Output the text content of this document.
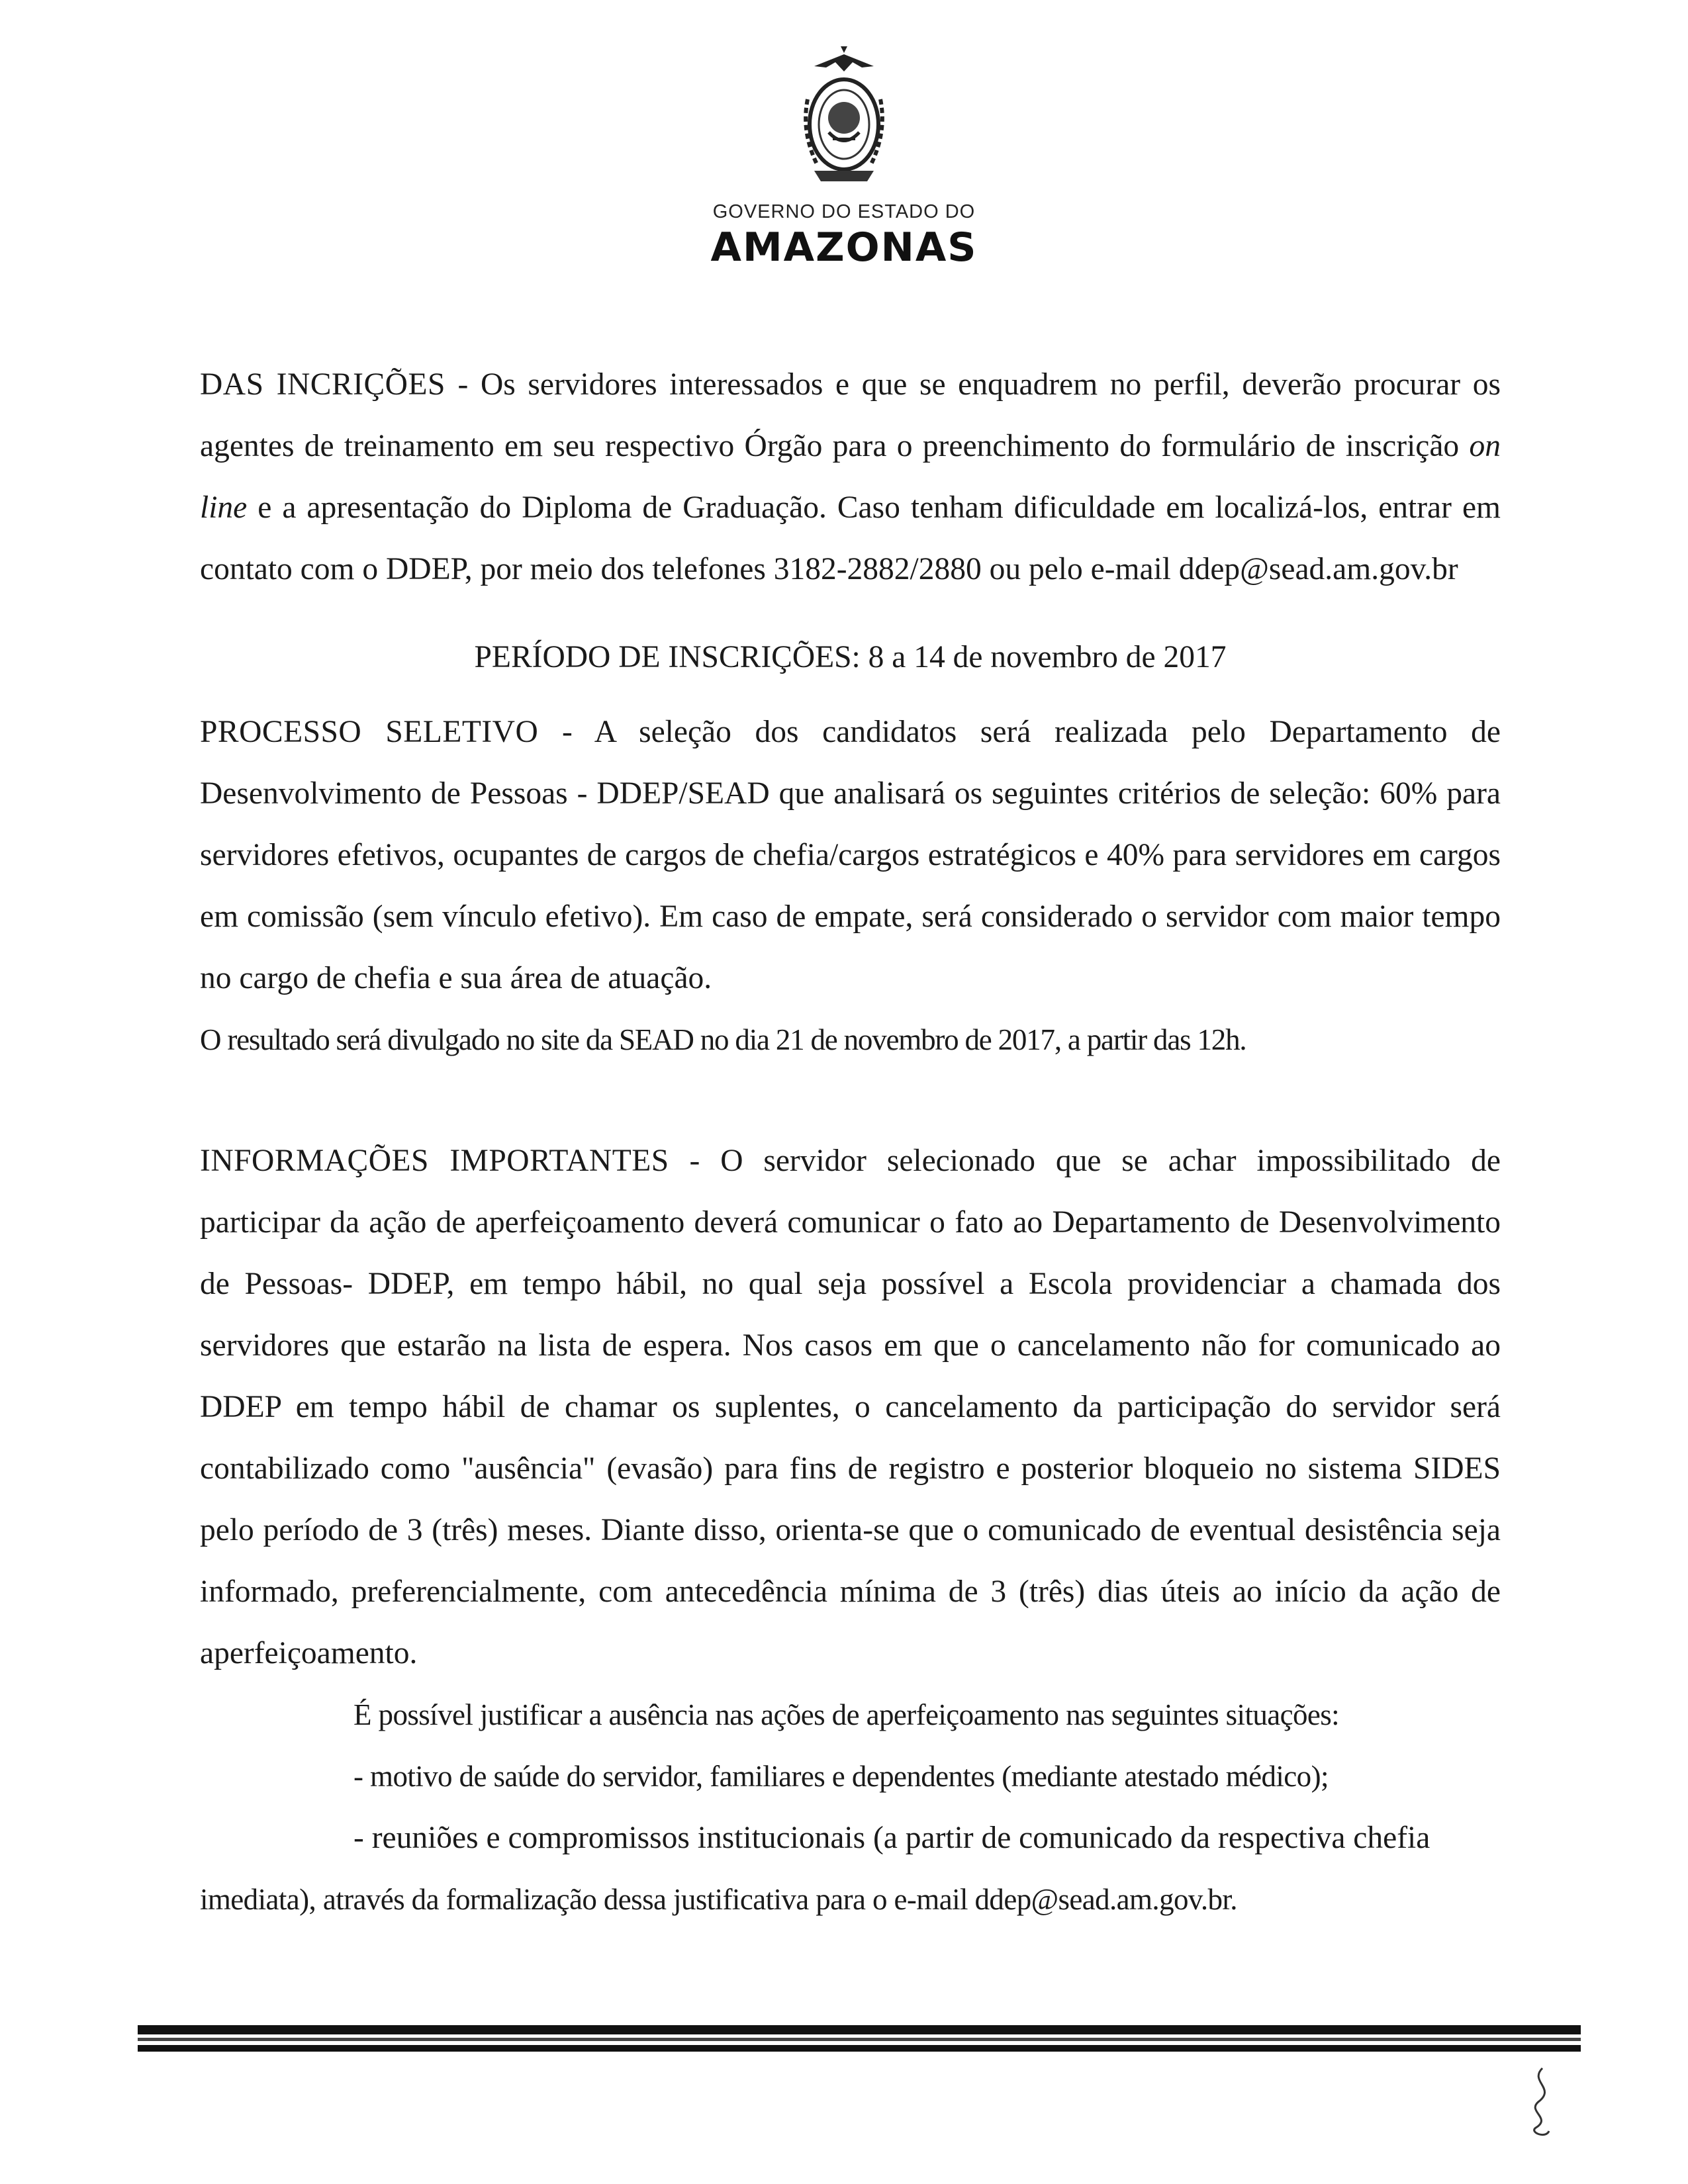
GOVERNO DO ESTADO DO
AMAZONAS

DAS INCRIÇÕES - Os servidores interessados e que se enquadrem no perfil, deverão procurar os agentes de treinamento em seu respectivo Órgão para o preenchimento do formulário de inscrição on line e a apresentação do Diploma de Graduação. Caso tenham dificuldade em localizá-los, entrar em contato com o DDEP, por meio dos telefones 3182-2882/2880 ou pelo e-mail ddep@sead.am.gov.br

PERÍODO DE INSCRIÇÕES: 8 a 14 de novembro de 2017

PROCESSO SELETIVO - A seleção dos candidatos será realizada pelo Departamento de Desenvolvimento de Pessoas - DDEP/SEAD que analisará os seguintes critérios de seleção: 60% para servidores efetivos, ocupantes de cargos de chefia/cargos estratégicos e 40% para servidores em cargos em comissão (sem vínculo efetivo). Em caso de empate, será considerado o servidor com maior tempo no cargo de chefia e sua área de atuação.

O resultado será divulgado no site da SEAD no dia 21 de novembro de 2017, a partir das 12h.

INFORMAÇÕES IMPORTANTES - O servidor selecionado que se achar impossibilitado de participar da ação de aperfeiçoamento deverá comunicar o fato ao Departamento de Desenvolvimento de Pessoas- DDEP, em tempo hábil, no qual seja possível a Escola providenciar a chamada dos servidores que estarão na lista de espera. Nos casos em que o cancelamento não for comunicado ao DDEP em tempo hábil de chamar os suplentes, o cancelamento da participação do servidor será contabilizado como "ausência" (evasão) para fins de registro e posterior bloqueio no sistema SIDES pelo período de 3 (três) meses. Diante disso, orienta-se que o comunicado de eventual desistência seja informado, preferencialmente, com antecedência mínima de 3 (três) dias úteis ao início da ação de aperfeiçoamento.

É possível justificar a ausência nas ações de aperfeiçoamento nas seguintes situações:

- motivo de saúde do servidor, familiares e dependentes (mediante atestado médico);

- reuniões e compromissos institucionais (a partir de comunicado da respectiva chefia

imediata), através da formalização dessa justificativa para o e-mail ddep@sead.am.gov.br.
